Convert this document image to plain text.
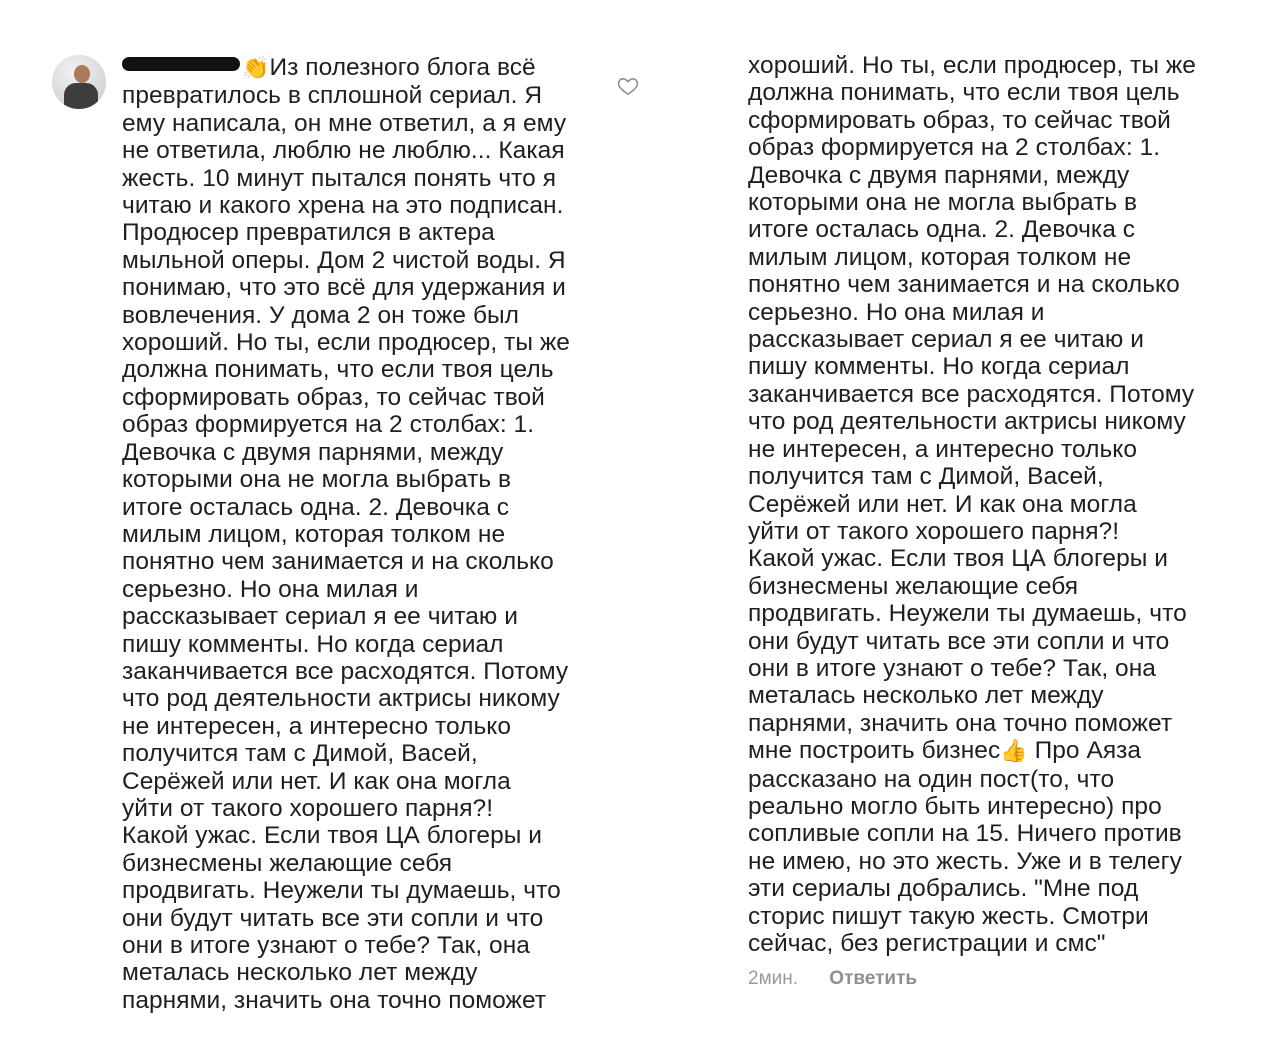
👏Из полезного блога всё
превратилось в сплошной сериал. Я
ему написала, он мне ответил, а я ему
не ответила, люблю не люблю... Какая
жесть. 10 минут пытался понять что я
читаю и какого хрена на это подписан.
Продюсер превратился в актера
мыльной оперы. Дом 2 чистой воды. Я
понимаю, что это всё для удержания и
вовлечения. У дома 2 он тоже был
хороший. Но ты, если продюсер, ты же
должна понимать, что если твоя цель
сформировать образ, то сейчас твой
образ формируется на 2 столбах: 1.
Девочка с двумя парнями, между
которыми она не могла выбрать в
итоге осталась одна. 2. Девочка с
милым лицом, которая толком не
понятно чем занимается и на сколько
серьезно. Но она милая и
рассказывает сериал я ее читаю и
пишу комменты. Но когда сериал
заканчивается все расходятся. Потому
что род деятельности актрисы никому
не интересен, а интересно только
получится там с Димой, Васей,
Серёжей или нет. И как она могла
уйти от такого хорошего парня?!
Какой ужас. Если твоя ЦА блогеры и
бизнесмены желающие себя
продвигать. Неужели ты думаешь, что
они будут читать все эти сопли и что
они в итоге узнают о тебе? Так, она
металась несколько лет между
парнями, значить она точно поможет
хороший. Но ты, если продюсер, ты же
должна понимать, что если твоя цель
сформировать образ, то сейчас твой
образ формируется на 2 столбах: 1.
Девочка с двумя парнями, между
которыми она не могла выбрать в
итоге осталась одна. 2. Девочка с
милым лицом, которая толком не
понятно чем занимается и на сколько
серьезно. Но она милая и
рассказывает сериал я ее читаю и
пишу комменты. Но когда сериал
заканчивается все расходятся. Потому
что род деятельности актрисы никому
не интересен, а интересно только
получится там с Димой, Васей,
Серёжей или нет. И как она могла
уйти от такого хорошего парня?!
Какой ужас. Если твоя ЦА блогеры и
бизнесмены желающие себя
продвигать. Неужели ты думаешь, что
они будут читать все эти сопли и что
они в итоге узнают о тебе? Так, она
металась несколько лет между
парнями, значить она точно поможет
мне построить бизнес👍 Про Аяза
рассказано на один пост(то, что
реально могло быть интересно) про
сопливые сопли на 15. Ничего против
не имею, но это жесть. Уже и в телегу
эти сериалы добрались. "Мне под
сторис пишут такую жесть. Смотри
сейчас, без регистрации и смс"
2мин. Ответить
